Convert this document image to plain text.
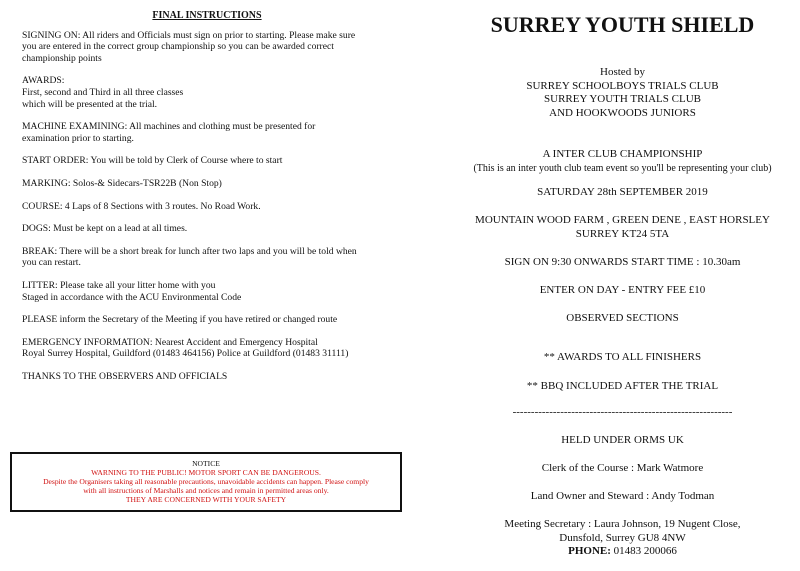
FINAL INSTRUCTIONS
SIGNING ON: All riders and Officials must sign on prior to starting. Please make sure
you are entered in the correct group championship so you can be awarded correct
championship points
AWARDS:
First, second and Third in all three classes
which will be presented at the trial.
MACHINE EXAMINING: All machines and clothing must be presented for
examination prior to starting.
START ORDER: You will be told by Clerk of Course where to start
MARKING: Solos-& Sidecars-TSR22B (Non Stop)
COURSE: 4 Laps of 8 Sections with 3 routes. No Road Work.
DOGS: Must be kept on a lead at all times.
BREAK: There will be a short break for lunch after two laps and you will be told when
you can restart.
LITTER: Please take all your litter home with you
Staged in accordance with the ACU Environmental Code
PLEASE inform the Secretary of the Meeting if you have retired or changed route
EMERGENCY INFORMATION: Nearest Accident and Emergency Hospital
Royal Surrey Hospital, Guildford (01483 464156) Police at Guildford (01483 31111)
THANKS TO THE OBSERVERS AND OFFICIALS
NOTICE
WARNING TO THE PUBLIC! MOTOR SPORT CAN BE DANGEROUS.
Despite the Organisers taking all reasonable precautions, unavoidable accidents can happen. Please comply
with all instructions of Marshalls and notices and remain in permitted areas only.
THEY ARE CONCERNED WITH YOUR SAFETY
SURREY YOUTH SHIELD
Hosted by
SURREY SCHOOLBOYS TRIALS CLUB
SURREY YOUTH TRIALS CLUB
AND HOOKWOODS JUNIORS
A INTER CLUB CHAMPIONSHIP
(This is an inter youth club team event so you'll be representing your club)
SATURDAY 28th SEPTEMBER 2019
MOUNTAIN WOOD FARM , GREEN DENE , EAST HORSLEY
SURREY KT24 5TA
SIGN ON 9:30 ONWARDS START TIME : 10.30am
ENTER ON DAY - ENTRY FEE £10
OBSERVED SECTIONS
** AWARDS TO ALL FINISHERS
** BBQ INCLUDED AFTER THE TRIAL
------------------------------------------------------------
HELD UNDER ORMS UK
Clerk of the Course : Mark Watmore
Land Owner and Steward : Andy Todman
Meeting Secretary : Laura Johnson, 19 Nugent Close,
Dunsfold, Surrey GU8 4NW
PHONE: 01483 200066
